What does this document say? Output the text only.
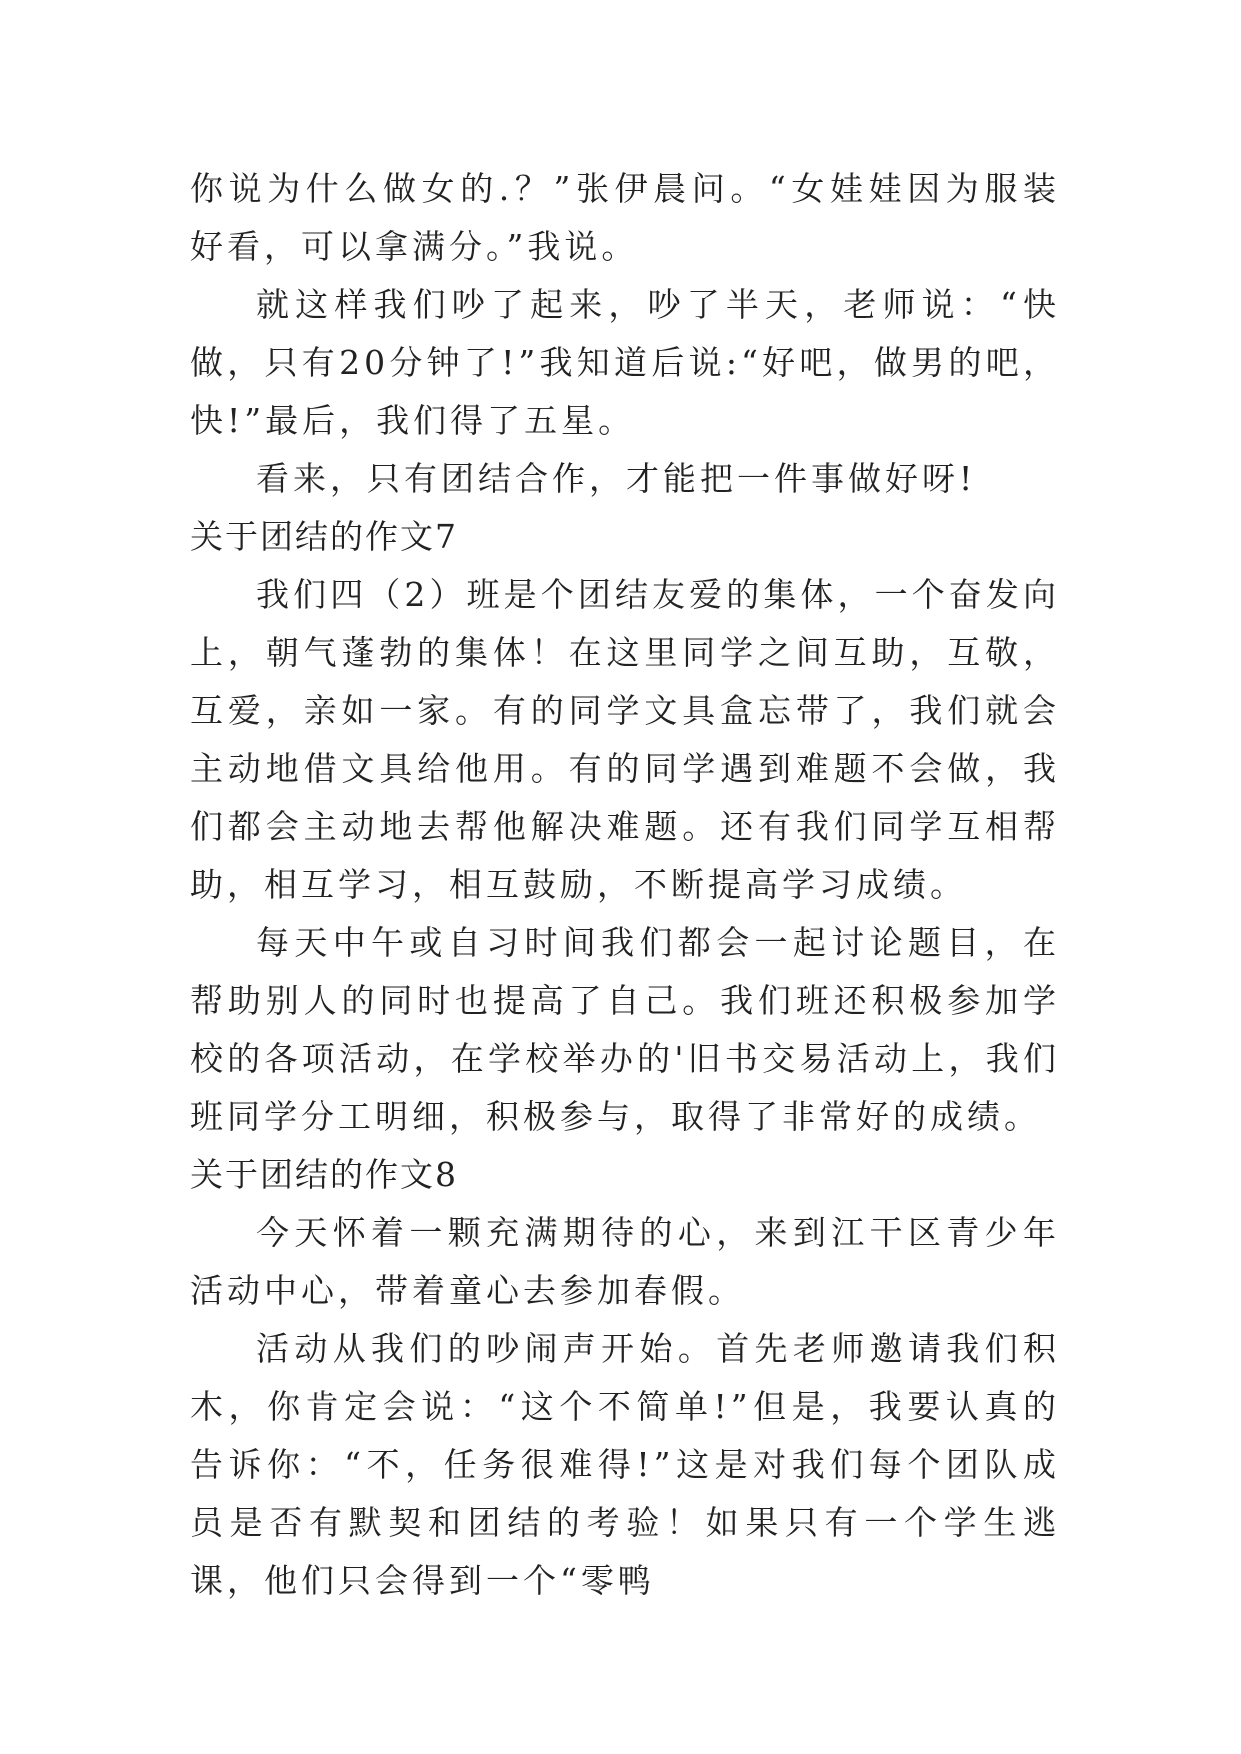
你说为什么做女的.？”张伊晨问。“女娃娃因为服装好看，可以拿满分。”我说。

就这样我们吵了起来，吵了半天，老师说：“快做，只有20分钟了!”我知道后说:“好吧，做男的吧，快!”最后，我们得了五星。

看来，只有团结合作，才能把一件事做好呀!

关于团结的作文7

我们四（2）班是个团结友爱的集体，一个奋发向上，朝气蓬勃的集体！在这里同学之间互助，互敬，互爱，亲如一家。有的同学文具盒忘带了，我们就会主动地借文具给他用。有的同学遇到难题不会做，我们都会主动地去帮他解决难题。还有我们同学互相帮助，相互学习，相互鼓励，不断提高学习成绩。

每天中午或自习时间我们都会一起讨论题目，在帮助别人的同时也提高了自己。我们班还积极参加学校的各项活动，在学校举办的'旧书交易活动上，我们班同学分工明细，积极参与，取得了非常好的成绩。

关于团结的作文8

今天怀着一颗充满期待的心，来到江干区青少年活动中心，带着童心去参加春假。

活动从我们的吵闹声开始。首先老师邀请我们积木，你肯定会说：“这个不简单!”但是，我要认真的告诉你：“不，任务很难得!”这是对我们每个团队成员是否有默契和团结的考验！如果只有一个学生逃课，他们只会得到一个“零鸭
